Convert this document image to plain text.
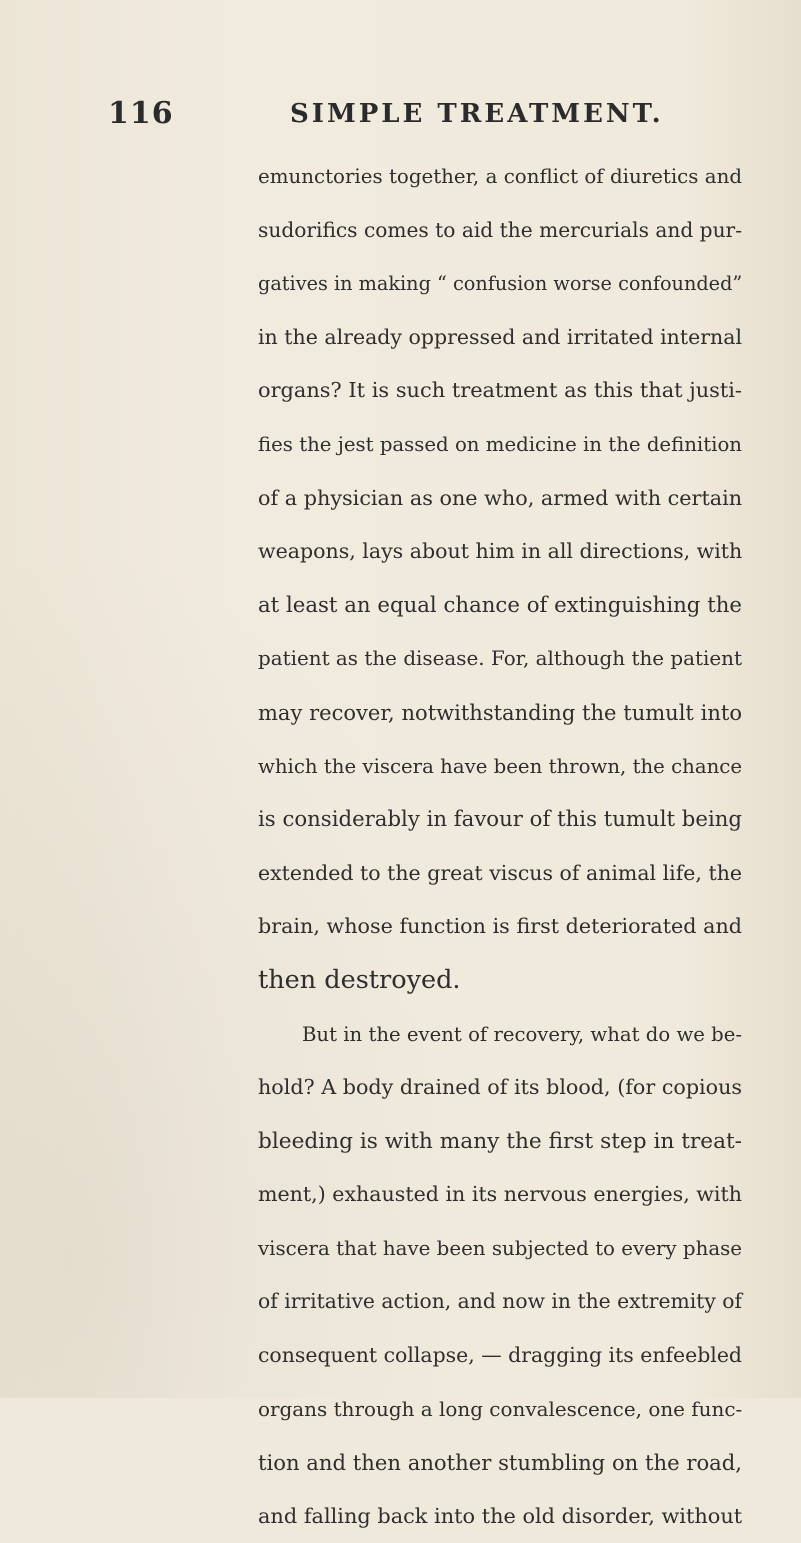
116	SIMPLE TREATMENT.
emunctories together, a conflict of diuretics and
sudorifics comes to aid the mercurials and pur-
gatives in making “ confusion worse confounded”
in the already oppressed and irritated internal
organs? It is such treatment as this that justi-
fies the jest passed on medicine in the definition
of a physician as one who, armed with certain
weapons, lays about him in all directions, with
at least an equal chance of extinguishing the
patient as the disease. For, although the patient
may recover, notwithstanding the tumult into
which the viscera have been thrown, the chance
is considerably in favour of this tumult being
extended to the great viscus of animal life, the
brain, whose function is first deteriorated and
then destroyed.
But in the event of recovery, what do we be-
hold? A body drained of its blood, (for copious
bleeding is with many the first step in treat-
ment,) exhausted in its nervous energies, with
viscera that have been subjected to every phase
of irritative action, and now in the extremity of
consequent collapse, — dragging its enfeebled
organs through a long convalescence, one func-
tion and then another stumbling on the road,
and falling back into the old disorder, without
